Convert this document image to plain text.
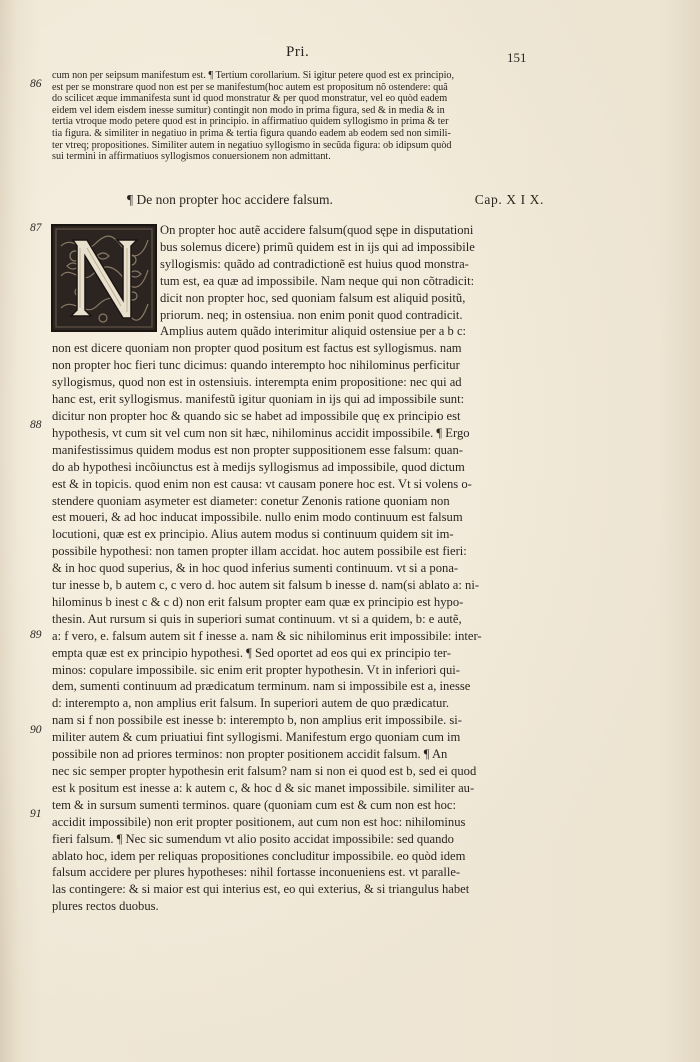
Pri.	151
86
87
88
89
90
91
cum non per seipsum manifestum est. ¶ Tertium corollarium. Si igitur petere quod est ex principio,
est per se monstrare quod non est per se manifestum(hoc autem est propositum nõ ostendere: quã
do scilicet æque immanifesta sunt id quod monstratur & per quod monstratur, vel eo quòd eadem
eidem vel idem eisdem inesse sumitur) contingit non modo in prima figura, sed & in media & in
tertia vtroque modo petere quod est in principio. in affirmatiuo quidem syllogismo in prima & ter
tia figura. & similiter in negatiuo in prima & tertia figura quando eadem ab eodem sed non simili-
ter vtreq; propositiones. Similiter autem in negatiuo syllogismo in secũda figura: ob idipsum quòd
sui termini in affirmatiuos syllogismos conuersionem non admittant.
¶ De non propter hoc accidere falsum.	Cap. X I X.
On propter hoc autẽ accidere falsum(quod sępe in disputationi
bus solemus dicere) primũ quidem est in ijs qui ad impossibile
syllogismis: quãdo ad contradictionẽ est huius quod monstra-
tum est, ea quæ ad impossibile. Nam neque qui non cõtradicit:
dicit non propter hoc, sed quoniam falsum est aliquid positũ,
priorum. neq; in ostensiua. non enim ponit quod contradicit.
Amplius autem quãdo interimitur aliquid ostensiue per a b c:
non est dicere quoniam non propter quod positum est factus est syllogismus. nam
non propter hoc fieri tunc dicimus: quando interempto hoc nihilominus perficitur
syllogismus, quod non est in ostensiuis. interempta enim propositione: nec qui ad
hanc est, erit syllogismus. manifestũ igitur quoniam in ijs qui ad impossibile sunt:
dicitur non propter hoc & quando sic se habet ad impossibile quę ex principio est
hypothesis, vt cum sit vel cum non sit hæc, nihilominus accidit impossibile. ¶ Ergo
manifestissimus quidem modus est non propter suppositionem esse falsum: quan-
do ab hypothesi incõiunctus est à medijs syllogismus ad impossibile, quod dictum
est & in topicis. quod enim non est causa: vt causam ponere hoc est. Vt si volens o-
stendere quoniam asymeter est diameter: conetur Zenonis ratione quoniam non
est moueri, & ad hoc inducat impossibile. nullo enim modo continuum est falsum
locutioni, quæ est ex principio. Alius autem modus si continuum quidem sit im-
possibile hypothesi: non tamen propter illam accidat. hoc autem possibile est fieri:
& in hoc quod superius, & in hoc quod inferius sumenti continuum. vt si a pona-
tur inesse b, b autem c, c vero d. hoc autem sit falsum b inesse d. nam(si ablato a: ni-
hilominus b inest c & c d) non erit falsum propter eam quæ ex principio est hypo-
thesin. Aut rursum si quis in superiori sumat continuum. vt si a quidem, b: e autẽ,
a: f vero, e. falsum autem sit f inesse a. nam & sic nihilominus erit impossibile: inter-
empta quæ est ex principio hypothesi. ¶ Sed oportet ad eos qui ex principio ter-
minos: copulare impossibile. sic enim erit propter hypothesin. Vt in inferiori qui-
dem, sumenti continuum ad prædicatum terminum. nam si impossibile est a, inesse
d: interempto a, non amplius erit falsum. In superiori autem de quo prædicatur.
nam si f non possibile est inesse b: interempto b, non amplius erit impossibile. si-
militer autem & cum priuatiui fint syllogismi. Manifestum ergo quoniam cum im
possibile non ad priores terminos: non propter positionem accidit falsum. ¶ An
nec sic semper propter hypothesin erit falsum? nam si non ei quod est b, sed ei quod
est k positum est inesse a: k autem c, & hoc d & sic manet impossibile. similiter au-
tem & in sursum sumenti terminos. quare (quoniam cum est & cum non est hoc:
accidit impossibile) non erit propter positionem, aut cum non est hoc: nihilominus
fieri falsum. ¶ Nec sic sumendum vt alio posito accidat impossibile: sed quando
ablato hoc, idem per reliquas propositiones concluditur impossibile. eo quòd idem
falsum accidere per plures hypotheses: nihil fortasse inconueniens est. vt paralle-
las contingere: & si maior est qui interius est, eo qui exterius, & si triangulus habet
plures rectos duobus.
